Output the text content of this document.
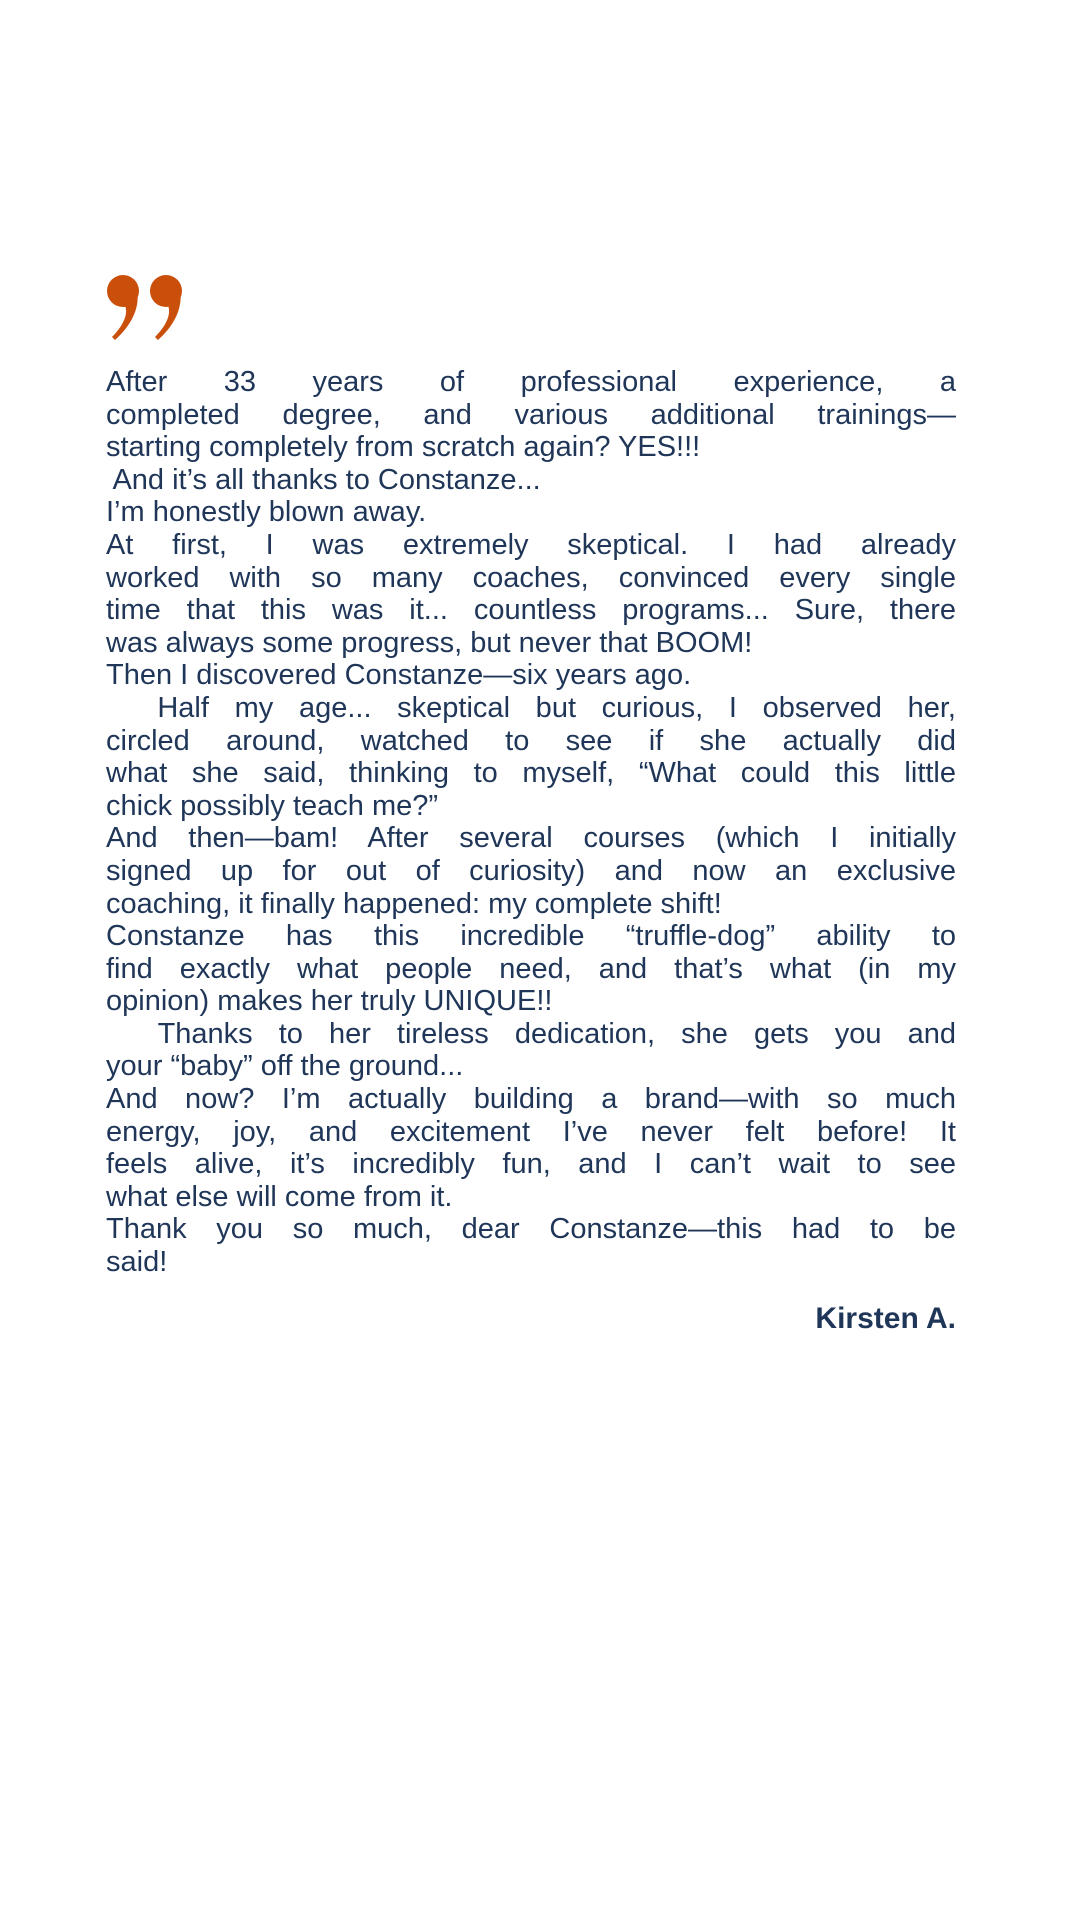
After 33 years of professional experience, a
completed degree, and various additional trainings—
starting completely from scratch again? YES!!!
And it’s all thanks to Constanze...
I’m honestly blown away.
At first, I was extremely skeptical. I had already
worked with so many coaches, convinced every single
time that this was it... countless programs... Sure, there
was always some progress, but never that BOOM!
Then I discovered Constanze—six years ago.
Half my age... skeptical but curious, I observed her,
circled around, watched to see if she actually did
what she said, thinking to myself, “What could this little
chick possibly teach me?”
And then—bam! After several courses (which I initially
signed up for out of curiosity) and now an exclusive
coaching, it finally happened: my complete shift!
Constanze has this incredible “truffle-dog” ability to
find exactly what people need, and that’s what (in my
opinion) makes her truly UNIQUE!!
Thanks to her tireless dedication, she gets you and
your “baby” off the ground...
And now? I’m actually building a brand—with so much
energy, joy, and excitement I’ve never felt before! It
feels alive, it’s incredibly fun, and I can’t wait to see
what else will come from it.
Thank you so much, dear Constanze—this had to be
said!
Kirsten A.
